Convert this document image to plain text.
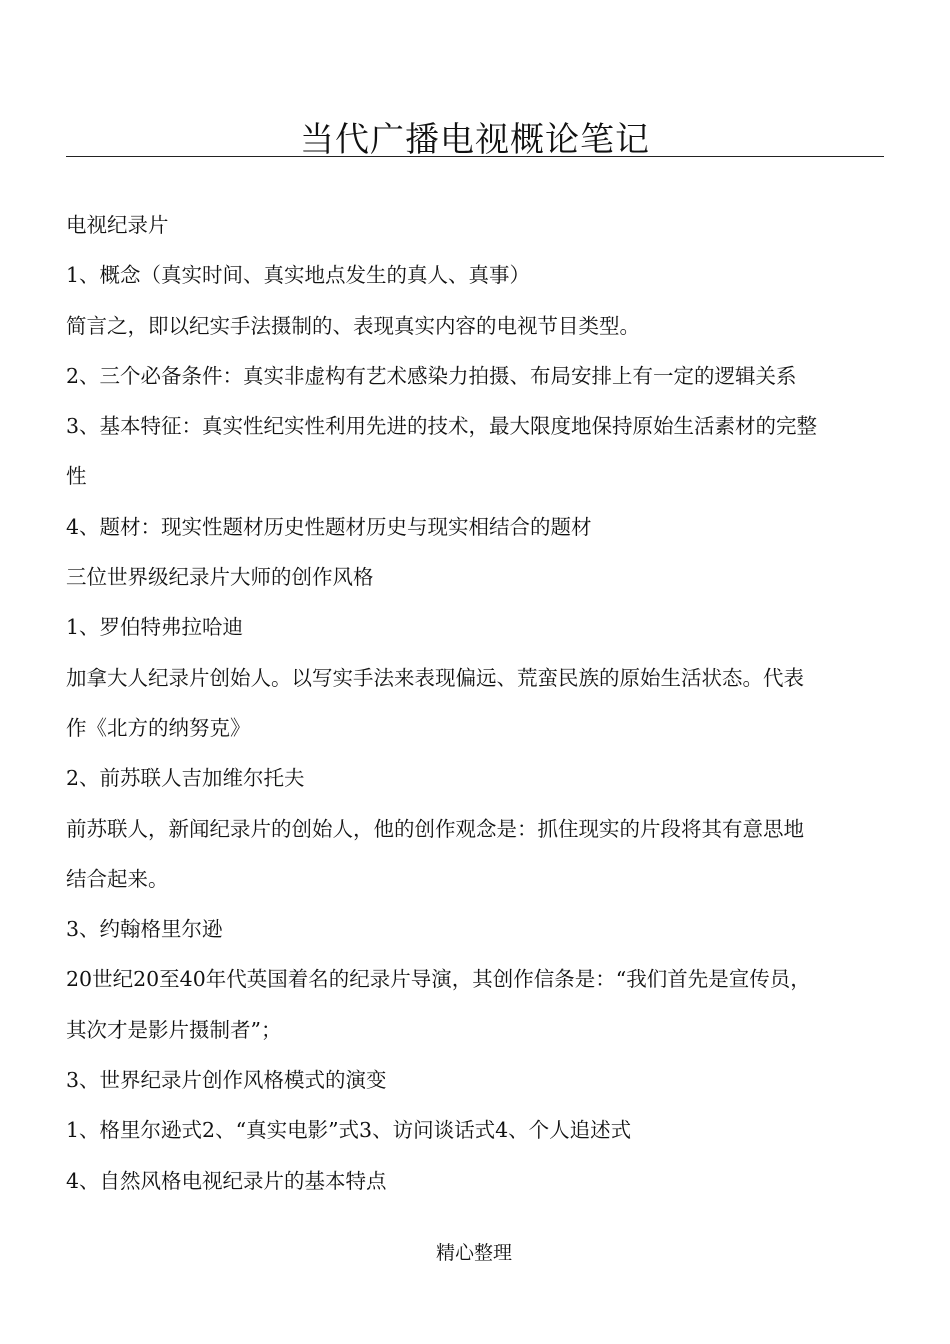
当代广播电视概论笔记
电视纪录片
1、概念（真实时间、真实地点发生的真人、真事）
简言之，即以纪实手法摄制的、表现真实内容的电视节目类型。
2、三个必备条件：真实非虚构有艺术感染力拍摄、布局安排上有一定的逻辑关系
3、基本特征：真实性纪实性利用先进的技术，最大限度地保持原始生活素材的完整
性
4、题材：现实性题材历史性题材历史与现实相结合的题材
三位世界级纪录片大师的创作风格
1、罗伯特弗拉哈迪
加拿大人纪录片创始人。以写实手法来表现偏远、荒蛮民族的原始生活状态。代表
作《北方的纳努克》
2、前苏联人吉加维尔托夫
前苏联人，新闻纪录片的创始人，他的创作观念是：抓住现实的片段将其有意思地
结合起来。
3、约翰格里尔逊
20世纪20至40年代英国着名的纪录片导演，其创作信条是：“我们首先是宣传员，
其次才是影片摄制者”；
3、世界纪录片创作风格模式的演变
1、格里尔逊式2、“真实电影”式3、访问谈话式4、个人追述式
4、自然风格电视纪录片的基本特点
精心整理
